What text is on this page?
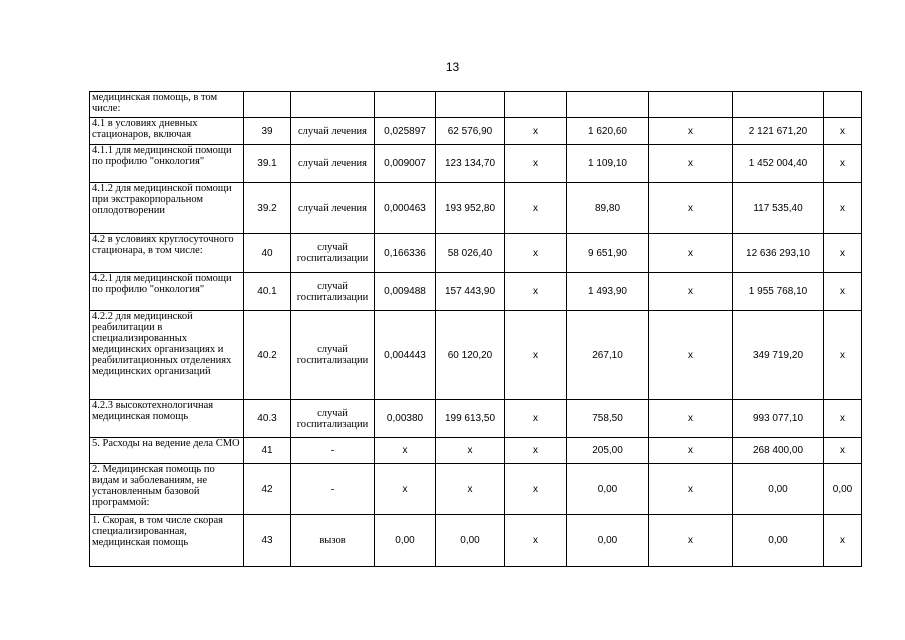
13
медицинская помощь, в том числе:									
4.1 в условиях дневных стационаров, включая	39	случай лечения	0,025897	62 576,90	х	1 620,60	х	2 121 671,20	х
4.1.1 для медицинской помощи по профилю "онкология"	39.1	случай лечения	0,009007	123 134,70	х	1 109,10	х	1 452 004,40	х
4.1.2 для медицинской помощи при экстракорпоральном оплодотворении	39.2	случай лечения	0,000463	193 952,80	х	89,80	х	117 535,40	х
4.2 в условиях круглосуточного стационара, в том числе:	40	случай госпитализации	0,166336	58 026,40	х	9 651,90	х	12 636 293,10	х
4.2.1 для медицинской помощи по профилю "онкология"	40.1	случай госпитализации	0,009488	157 443,90	х	1 493,90	х	1 955 768,10	х
4.2.2 для медицинской реабилитации в специализированных медицинских организациях и реабилитационных отделениях медицинских организаций	40.2	случай госпитализации	0,004443	60 120,20	х	267,10	х	349 719,20	х
4.2.3 высокотехнологичная медицинская помощь	40.3	случай госпитализации	0,00380	199 613,50	х	758,50	х	993 077,10	х
5. Расходы на ведение дела СМО	41	-	х	х	х	205,00	х	268 400,00	х
2. Медицинская помощь по видам и заболеваниям, не установленным базовой программой:	42	-	х	х	х	0,00	х	0,00	0,00
1. Скорая, в том числе скорая специализированная, медицинская помощь	43	вызов	0,00	0,00	х	0,00	х	0,00	х
